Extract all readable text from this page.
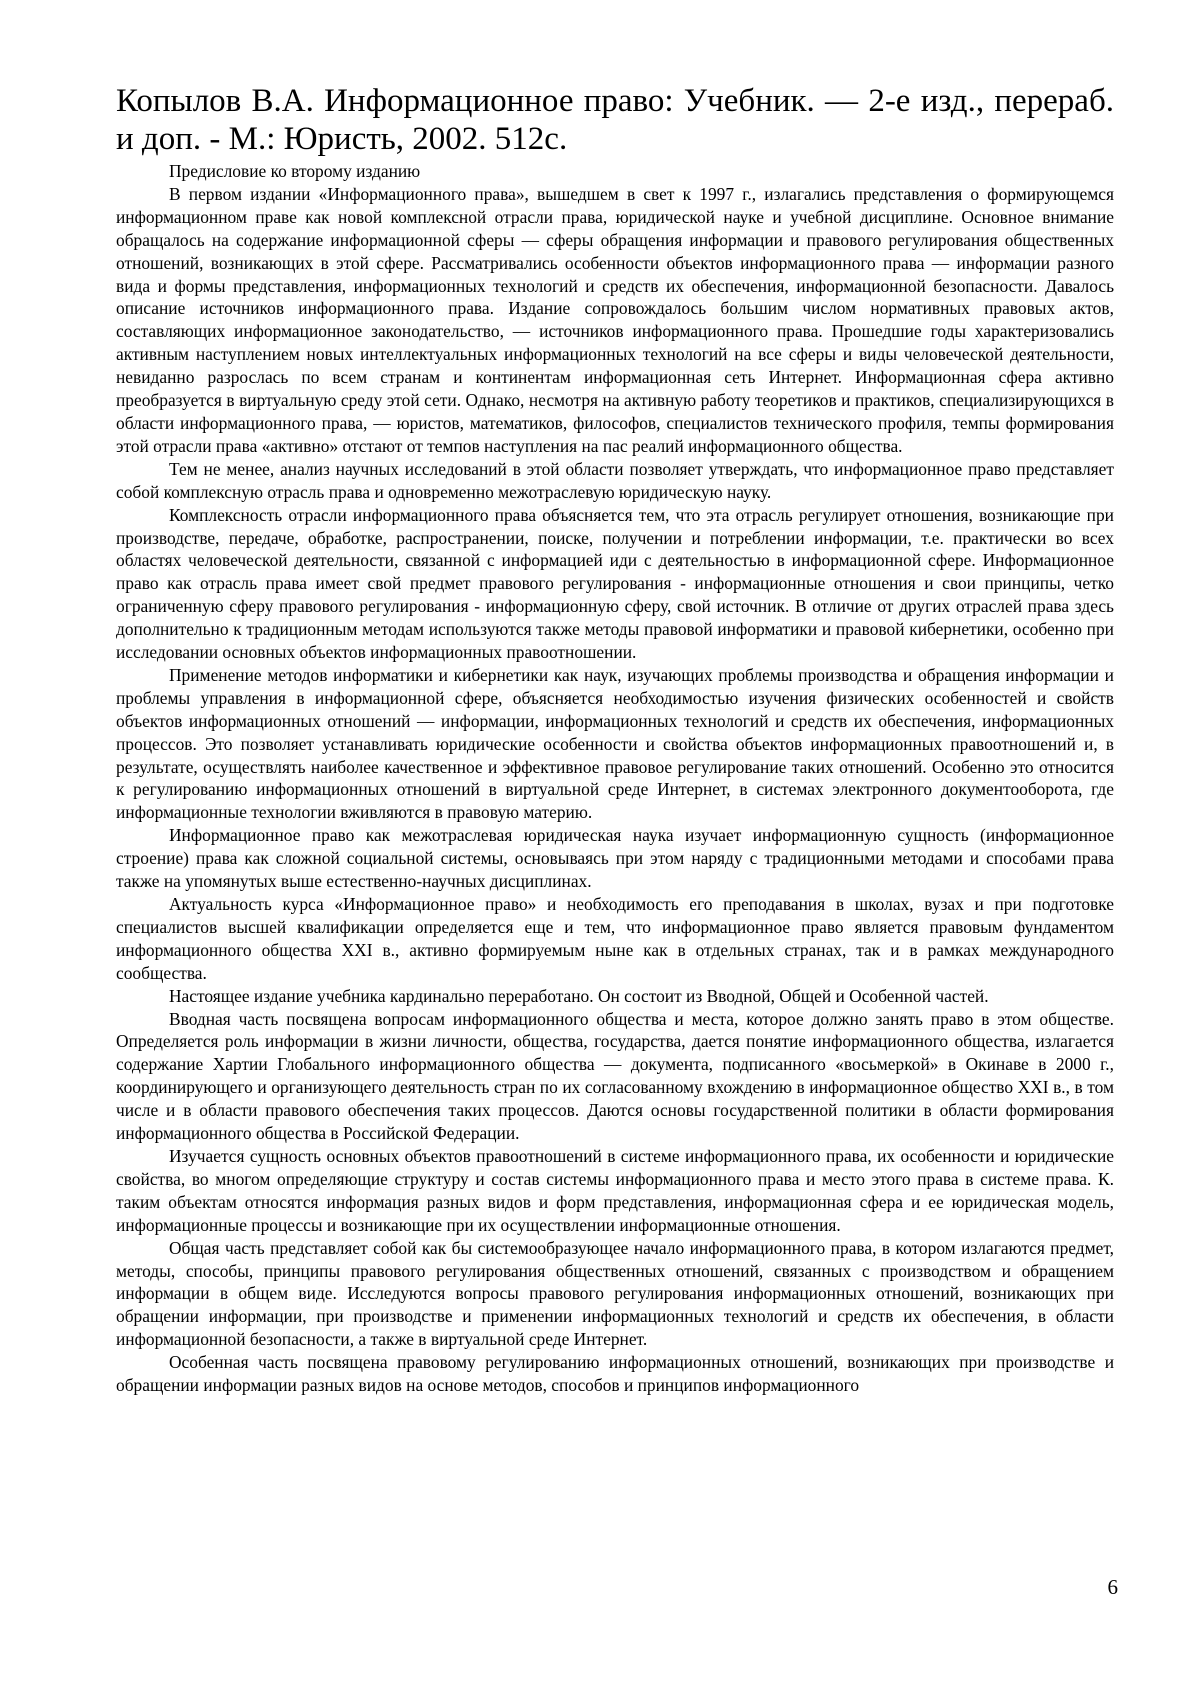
Копылов В.А. Информационное право: Учебник. — 2-е изд., перераб. и доп. - М.: Юристь, 2002. 512с.

Предисловие ко второму изданию

В первом издании «Информационного права», вышедшем в свет к 1997 г., излагались представления о формирующемся информационном праве как новой комплексной отрасли права, юридической науке и учебной дисциплине. Основное внимание обращалось на содержание информационной сферы — сферы обращения информации и правового регулирования общественных отношений, возникающих в этой сфере. Рассматривались особенности объектов информационного права — информации разного вида и формы представления, информационных технологий и средств их обеспечения, информационной безопасности. Давалось описание источников информационного права. Издание сопровождалось большим числом нормативных правовых актов, составляющих информационное законодательство, — источников информационного права. Прошедшие годы характеризовались активным наступлением новых интеллектуальных информационных технологий на все сферы и виды человеческой деятельности, невиданно разрослась по всем странам и континентам информационная сеть Интернет. Информационная сфера активно преобразуется в виртуальную среду этой сети. Однако, несмотря на активную работу теоретиков и практиков, специализирующихся в области информационного права, — юристов, математиков, философов, специалистов технического профиля, темпы формирования этой отрасли права «активно» отстают от темпов наступления на пас реалий информационного общества.

Тем не менее, анализ научных исследований в этой области позволяет утверждать, что информационное право представляет собой комплексную отрасль права и одновременно межотраслевую юридическую науку.

Комплексность отрасли информационного права объясняется тем, что эта отрасль регулирует отношения, возникающие при производстве, передаче, обработке, распространении, поиске, получении и потреблении информации, т.е. практически во всех областях человеческой деятельности, связанной с информацией иди с деятельностью в информационной сфере. Информационное право как отрасль права имеет свой предмет правового регулирования - информационные отношения и свои принципы, четко ограниченную сферу правового регулирования - информационную сферу, свой источник. В отличие от других отраслей права здесь дополнительно к традиционным методам используются также методы правовой информатики и правовой кибернетики, особенно при исследовании основных объектов информационных правоотношении.

Применение методов информатики и кибернетики как наук, изучающих проблемы производства и обращения информации и проблемы управления в информационной сфере, объясняется необходимостью изучения физических особенностей и свойств объектов информационных отношений — информации, информационных технологий и средств их обеспечения, информационных процессов. Это позволяет устанавливать юридические особенности и свойства объектов информационных правоотношений и, в результате, осуществлять наиболее качественное и эффективное правовое регулирование таких отношений. Особенно это относится к регулированию информационных отношений в виртуальной среде Интернет, в системах электронного документооборота, где информационные технологии вживляются в правовую материю.

Информационное право как межотраслевая юридическая наука изучает информационную сущность (информационное строение) права как сложной социальной системы, основываясь при этом наряду с традиционными методами и способами права также на упомянутых выше естественно-научных дисциплинах.

Актуальность курса «Информационное право» и необходимость его преподавания в школах, вузах и при подготовке специалистов высшей квалификации определяется еще и тем, что информационное право является правовым фундаментом информационного общества XXI в., активно формируемым ныне как в отдельных странах, так и в рамках международного сообщества.

Настоящее издание учебника кардинально переработано. Он состоит из Вводной, Общей и Особенной частей.

Вводная часть посвящена вопросам информационного общества и места, которое должно занять право в этом обществе. Определяется роль информации в жизни личности, общества, государства, дается понятие информационного общества, излагается содержание Хартии Глобального информационного общества — документа, подписанного «восьмеркой» в Окинаве в 2000 г., координирующего и организующего деятельность стран по их согласованному вхождению в информационное общество XXI в., в том числе и в области правового обеспечения таких процессов. Даются основы государственной политики в области формирования информационного общества в Российской Федерации.

Изучается сущность основных объектов правоотношений в системе информационного права, их особенности и юридические свойства, во многом определяющие структуру и состав системы информационного права и место этого права в системе права. К. таким объектам относятся информация разных видов и форм представления, информационная сфера и ее юридическая модель, информационные процессы и возникающие при их осуществлении информационные отношения.

Общая часть представляет собой как бы системообразующее начало информационного права, в котором излагаются предмет, методы, способы, принципы правового регулирования общественных отношений, связанных с производством и обращением информации в общем виде. Исследуются вопросы правового регулирования информационных отношений, возникающих при обращении информации, при производстве и применении информационных технологий и средств их обеспечения, в области информационной безопасности, а также в виртуальной среде Интернет.

Особенная часть посвящена правовому регулированию информационных отношений, возникающих при производстве и обращении информации разных видов на основе методов, способов и принципов информационного

6
